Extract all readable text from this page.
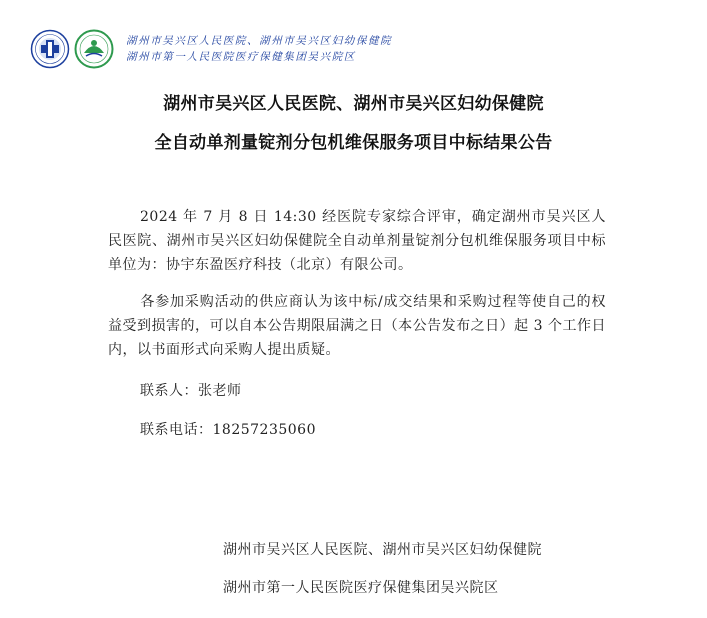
湖州市吴兴区人民医院、湖州市吴兴区妇幼保健院
湖州市第一人民医院医疗保健集团吴兴院区
湖州市吴兴区人民医院、湖州市吴兴区妇幼保健院
全自动单剂量锭剂分包机维保服务项目中标结果公告

2024 年 7 月 8 日 14:30 经医院专家综合评审，确定湖州市吴兴区人民医院、湖州市吴兴区妇幼保健院全自动单剂量锭剂分包机维保服务项目中标单位为：协宇东盈医疗科技（北京）有限公司。

各参加采购活动的供应商认为该中标/成交结果和采购过程等使自己的权益受到损害的，可以自本公告期限届满之日（本公告发布之日）起 3 个工作日内，以书面形式向采购人提出质疑。

联系人：张老师
联系电话：18257235060
湖州市吴兴区人民医院、湖州市吴兴区妇幼保健院
湖州市第一人民医院医疗保健集团吴兴院区
